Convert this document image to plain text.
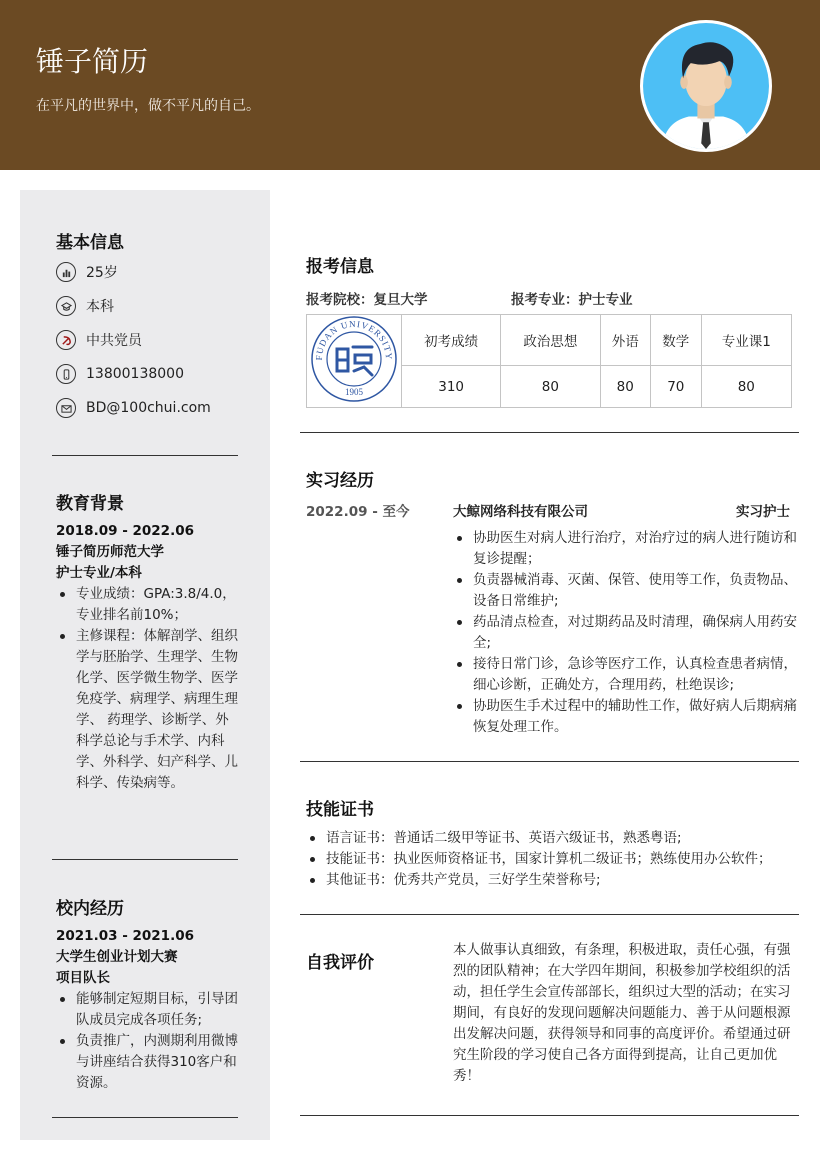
锤子简历
在平凡的世界中，做不平凡的自己。
基本信息
25岁
本科
中共党员
13800138000
BD@100chui.com
教育背景
2018.09 - 2022.06
锤子简历师范大学
护士专业/本科
专业成绩：GPA:3.8/4.0，专业排名前10%；
主修课程：体解剖学、组织学与胚胎学、生理学、生物化学、医学微生物学、医学免疫学、病理学、病理生理学、 药理学、诊断学、外科学总论与手术学、内科学、外科学、妇产科学、儿科学、传染病等。
校内经历
2021.03 - 2021.06
大学生创业计划大赛
项目队长
能够制定短期目标，引导团队成员完成各项任务;
负责推广，内测期利用微博与讲座结合获得310客户和资源。
报考信息
报考院校：复旦大学	报考专业：护士专业
FUDAN UNIVERSITY
1905	初考成绩	政治思想	外语	数学	专业课1
	310	80	80	70	80
实习经历
2022.09 - 至今	大鲸网络科技有限公司	实习护士
协助医生对病人进行治疗，对治疗过的病人进行随访和复诊提醒；
负责器械消毒、灭菌、保管、使用等工作，负责物品、设备日常维护;
药品清点检查，对过期药品及时清理，确保病人用药安全;
接待日常门诊，急诊等医疗工作，认真检查患者病情，细心诊断，正确处方，合理用药，杜绝误诊;
协助医生手术过程中的辅助性工作，做好病人后期病痛恢复处理工作。
技能证书
语言证书：普通话二级甲等证书、英语六级证书，熟悉粤语;
技能证书：执业医师资格证书，国家计算机二级证书；熟练使用办公软件；
其他证书：优秀共产党员，三好学生荣誉称号;
自我评价
本人做事认真细致，有条理，积极进取，责任心强，有强烈的团队精神；在大学四年期间，积极参加学校组织的活动，担任学生会宣传部部长，组织过大型的活动；在实习期间，有良好的发现问题解决问题能力、善于从问题根源出发解决问题，获得领导和同事的高度评价。希望通过研究生阶段的学习使自己各方面得到提高，让自己更加优秀！
